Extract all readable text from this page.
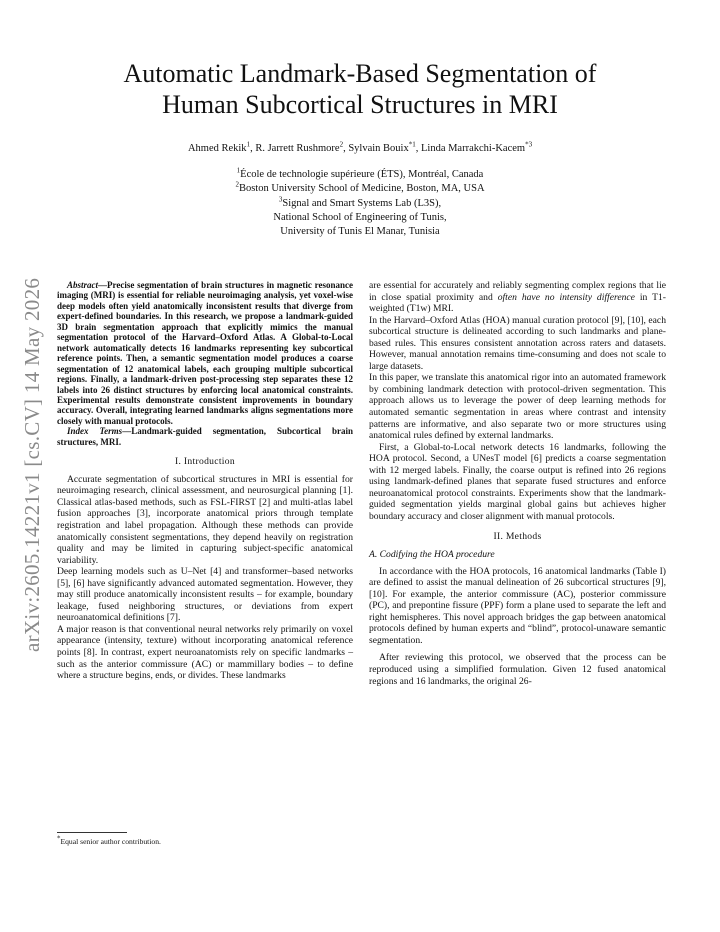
arXiv:2605.14221v1 [cs.CV] 14 May 2026
Automatic Landmark-Based Segmentation of
Human Subcortical Structures in MRI
Ahmed Rekik$^1$, R. Jarrett Rushmore$^2$, Sylvain Bouix$^{*1}$, Linda Marrakchi-Kacem$^{*3}$
$^1$École de technologie supérieure (ÉTS), Montréal, Canada
$^2$Boston University School of Medicine, Boston, MA, USA
$^3$Signal and Smart Systems Lab (L3S),
National School of Engineering of Tunis,
University of Tunis El Manar, Tunisia

Abstract—Precise segmentation of brain structures in magnetic resonance imaging (MRI) is essential for reliable neuroimaging analysis, yet voxel-wise deep models often yield anatomically inconsistent results that diverge from expert-defined boundaries. In this research, we propose a landmark-guided 3D brain segmentation approach that explicitly mimics the manual segmentation protocol of the Harvard–Oxford Atlas. A Global-to-Local network automatically detects 16 landmarks representing key subcortical reference points. Then, a semantic segmentation model produces a coarse segmentation of 12 anatomical labels, each grouping multiple subcortical regions. Finally, a landmark-driven post-processing step separates these 12 labels into 26 distinct structures by enforcing local anatomical constraints. Experimental results demonstrate consistent improvements in boundary accuracy. Overall, integrating learned landmarks aligns segmentations more closely with manual protocols.

Index Terms—Landmark-guided segmentation, Subcortical brain structures, MRI.

I. Introduction

Accurate segmentation of subcortical structures in MRI is essential for neuroimaging research, clinical assessment, and neurosurgical planning [1]. Classical atlas-based methods, such as FSL-FIRST [2] and multi-atlas label fusion approaches [3], incorporate anatomical priors through template registration and label propagation. Although these methods can provide anatomically consistent segmentations, they depend heavily on registration quality and may be limited in capturing subject-specific anatomical variability.

Deep learning models such as U–Net [4] and transformer–based networks [5], [6] have significantly advanced automated segmentation. However, they may still produce anatomically inconsistent results – for example, boundary leakage, fused neighboring structures, or deviations from expert neuroanatomical definitions [7].

A major reason is that conventional neural networks rely primarily on voxel appearance (intensity, texture) without incorporating anatomical reference points [8]. In contrast, expert neuroanatomists rely on specific landmarks – such as the anterior commissure (AC) or mammillary bodies – to define where a structure begins, ends, or divides. These landmarks

are essential for accurately and reliably segmenting complex regions that lie in close spatial proximity and often have no intensity difference in T1-weighted (T1w) MRI.

In the Harvard–Oxford Atlas (HOA) manual curation protocol [9], [10], each subcortical structure is delineated according to such landmarks and plane-based rules. This ensures consistent annotation across raters and datasets. However, manual annotation remains time-consuming and does not scale to large datasets.

In this paper, we translate this anatomical rigor into an automated framework by combining landmark detection with protocol-driven segmentation. This approach allows us to leverage the power of deep learning methods for automated semantic segmentation in areas where contrast and intensity patterns are informative, and also separate two or more structures using anatomical rules defined by external landmarks.

First, a Global-to-Local network detects 16 landmarks, following the HOA protocol. Second, a UNesT model [6] predicts a coarse segmentation with 12 merged labels. Finally, the coarse output is refined into 26 regions using landmark-defined planes that separate fused structures and enforce neuroanatomical protocol constraints. Experiments show that the landmark-guided segmentation yields marginal global gains but achieves higher boundary accuracy and closer alignment with manual protocols.

II. Methods
A. Codifying the HOA procedure

In accordance with the HOA protocols, 16 anatomical landmarks (Table I) are defined to assist the manual delineation of 26 subcortical structures [9], [10]. For example, the anterior commissure (AC), posterior commissure (PC), and prepontine fissure (PPF) form a plane used to separate the left and right hemispheres. This novel approach bridges the gap between anatomical protocols defined by human experts and “blind”, protocol-unaware semantic segmentation.

After reviewing this protocol, we observed that the process can be reproduced using a simplified formulation. Given 12 fused anatomical regions and 16 landmarks, the original 26-

*Equal senior author contribution.
